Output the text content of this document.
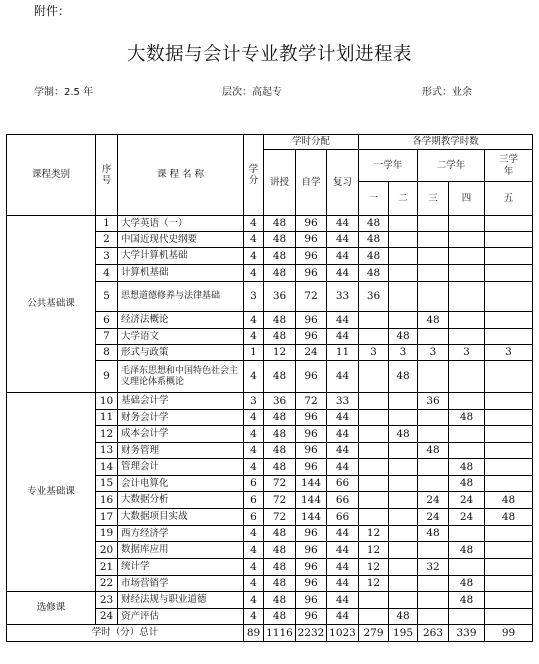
附件：
大数据与会计专业教学计划进程表
学制：2.5 年	层次：高起专	形式：业余
课程类别	序号	课 程 名 称	学分	学时分配			各学期教学时数				
				讲授	自学	复习	一学年		二学年		三学年
							一	二	三	四	五
公共基础课	1	大学英语（一）	4	48	96	44	48				
	2	中国近现代史纲要	4	48	96	44	48				
	3	大学计算机基础	4	48	96	44	48				
	4	计算机基础	4	48	96	44	48				
	5	思想道德修养与法律基础	3	36	72	33	36				
	6	经济法概论	4	48	96	44			48		
	7	大学语文	4	48	96	44		48			
	8	形式与政策	1	12	24	11	3	3	3	3	3
	9	毛泽东思想和中国特色社会主义理论体系概论	4	48	96	44		48			
专业基础课	10	基础会计学	3	36	72	33			36		
	11	财务会计学	4	48	96	44				48	
	12	成本会计学	4	48	96	44		48			
	13	财务管理	4	48	96	44			48		
	14	管理会计	4	48	96	44				48	
	15	会计电算化	6	72	144	66				48	
	16	大数据分析	6	72	144	66			24	24	48
	17	大数据项目实战	6	72	144	66			24	24	48
	19	西方经济学	4	48	96	44	12		48		
	20	数据库应用	4	48	96	44	12			48	
	21	统计学	4	48	96	44	12		32		
	22	市场营销学	4	48	96	44	12			48	
选修课	23	财经法规与职业道德	4	48	96	44				48	
	24	资产评估	4	48	96	44		48			
学时（分）总计			89	1116	2232	1023	279	195	263	339	99
